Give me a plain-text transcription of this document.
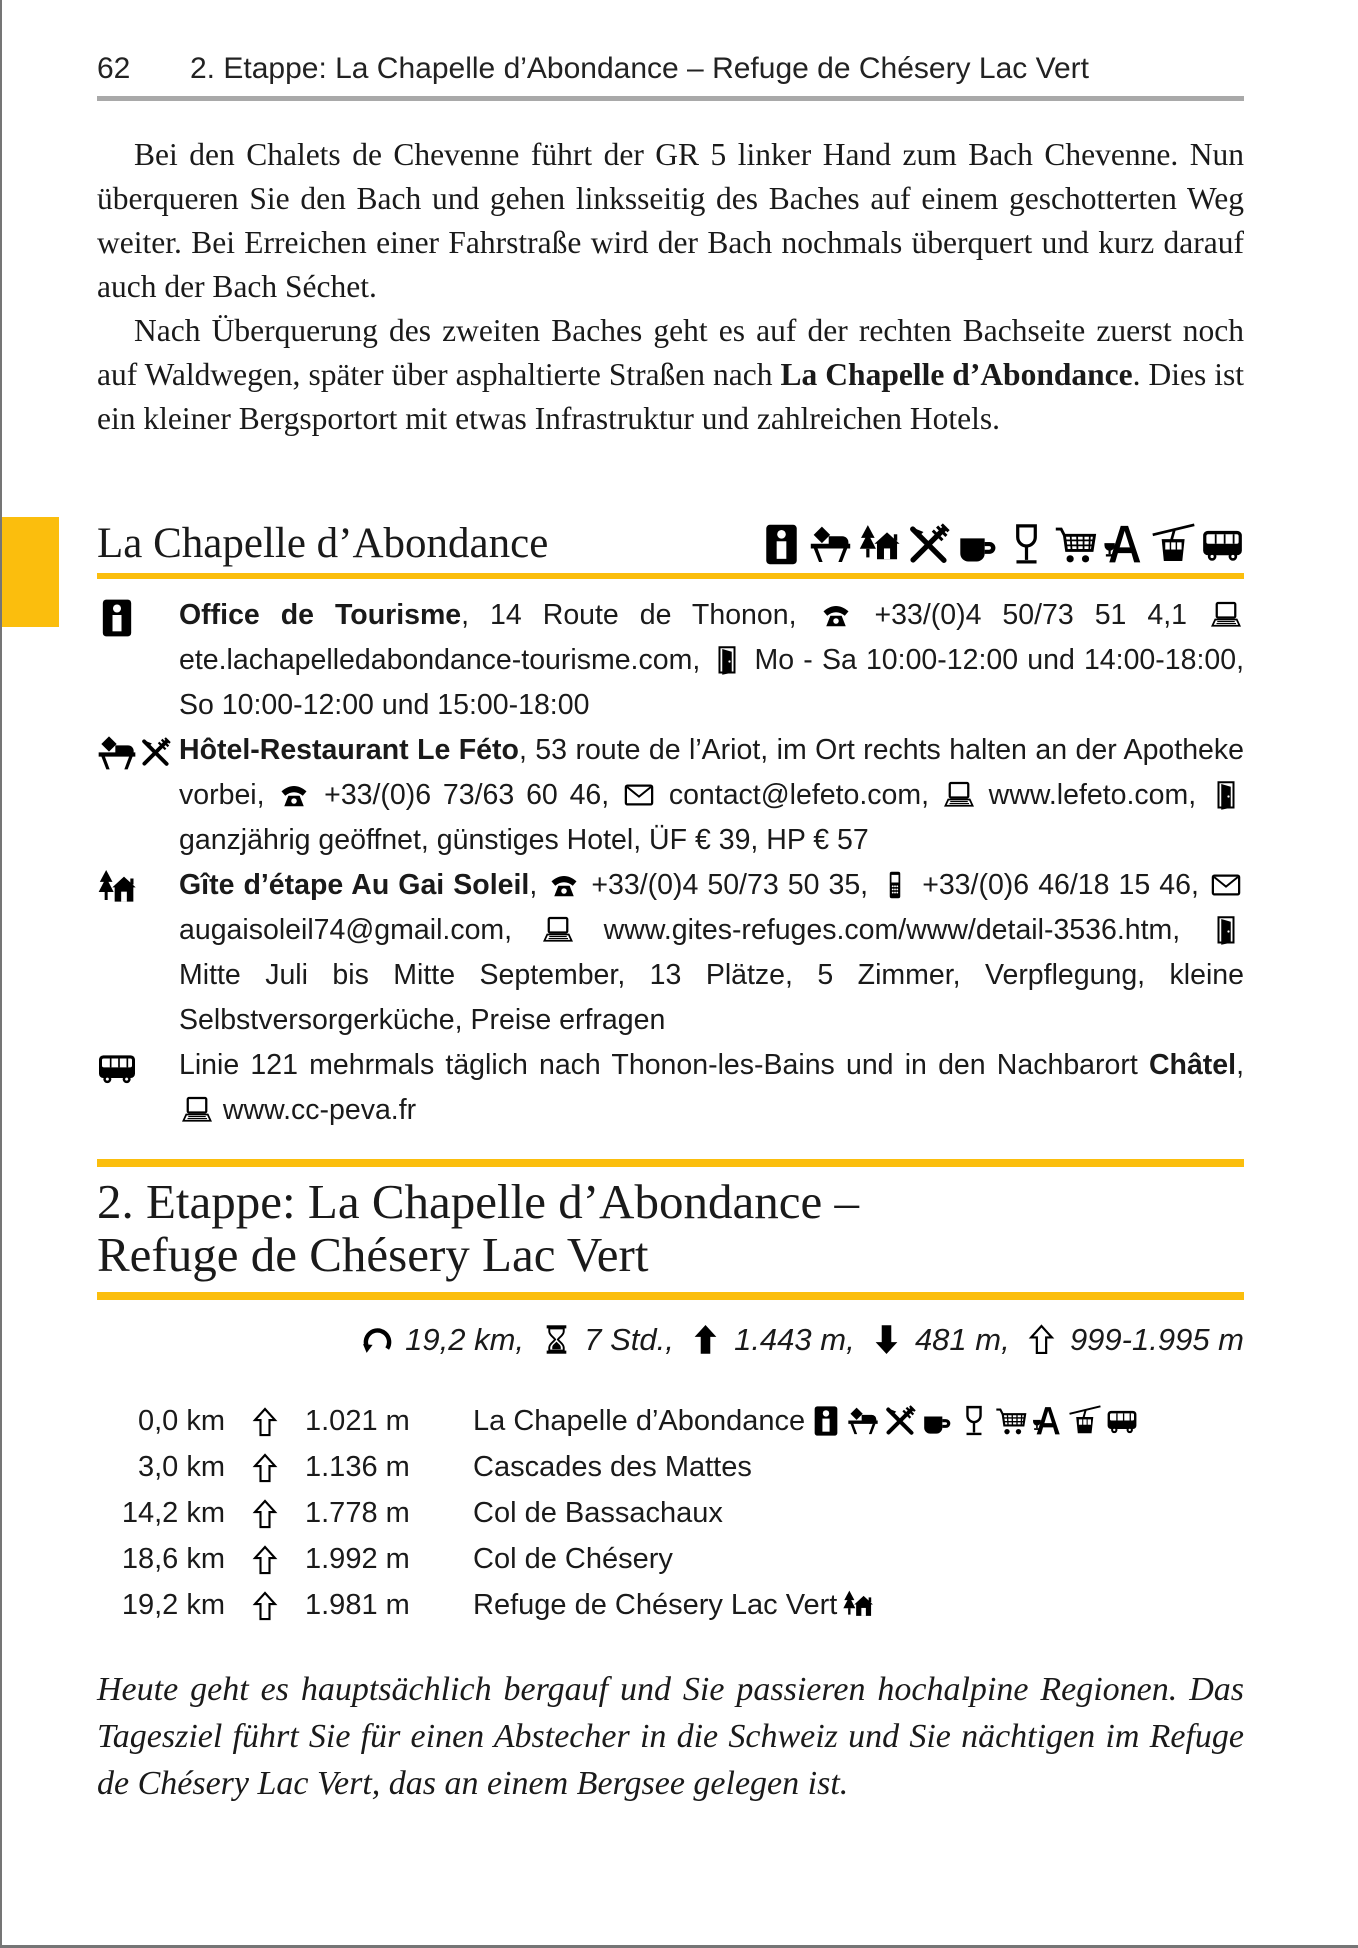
62	2. Etappe: La Chapelle d’Abondance – Refuge de Chésery Lac Vert

Bei den Chalets de Chevenne führt der GR 5 linker Hand zum Bach Chevenne. Nun überqueren Sie den Bach und gehen linksseitig des Baches auf einem geschotterten Weg weiter. Bei Erreichen einer Fahrstraße wird der Bach nochmals überquert und kurz darauf auch der Bach Séchet.

Nach Überquerung des zweiten Baches geht es auf der rechten Bachseite zuerst noch auf Waldwegen, später über asphaltierte Straßen nach La Chapelle d’Abondance. Dies ist ein kleiner Bergsportort mit etwas Infrastruktur und zahlreichen Hotels.

La Chapelle d’Abondance
Office de Tourisme, 14 Route de Thonon,  +33/(0)4 50/73 51 4,1  ete.lachapelledabondance-tourisme.com,  Mo - Sa 10:00-12:00 und 14:00-18:00, So 10:00-12:00 und 15:00-18:00
Hôtel-Restaurant Le Féto, 53 route de l’Ariot, im Ort rechts halten an der Apotheke vorbei,  +33/(0)6 73/63 60 46,  contact@lefeto.com,  www.lefeto.com,  ganzjährig geöffnet, günstiges Hotel, ÜF € 39, HP € 57
Gîte d’étape Au Gai Soleil,  +33/(0)4 50/73 50 35,  +33/(0)6 46/18 15 46,  augaisoleil74@gmail.com,  www.gites-refuges.com/www/detail-3536.htm,  Mitte Juli bis Mitte September, 13 Plätze, 5 Zimmer, Verpflegung, kleine Selbstversorgerküche, Preise erfragen
Linie 121 mehrmals täglich nach Thonon-les-Bains und in den Nachbarort Châtel,  www.cc-peva.fr
2. Etappe: La Chapelle d’Abondance –
Refuge de Chésery Lac Vert
19,2 km,  7 Std.,  1.443 m,  481 m,  999-1.995 m
0,0 km	1.021 m	La Chapelle d’Abondance
3,0 km	1.136 m	Cascades des Mattes
14,2 km	1.778 m	Col de Bassachaux
18,6 km	1.992 m	Col de Chésery
19,2 km	1.981 m	Refuge de Chésery Lac Vert

Heute geht es hauptsächlich bergauf und Sie passieren hochalpine Regionen. Das Tagesziel führt Sie für einen Abstecher in die Schweiz und Sie nächtigen im Refuge de Chésery Lac Vert, das an einem Bergsee gelegen ist.
